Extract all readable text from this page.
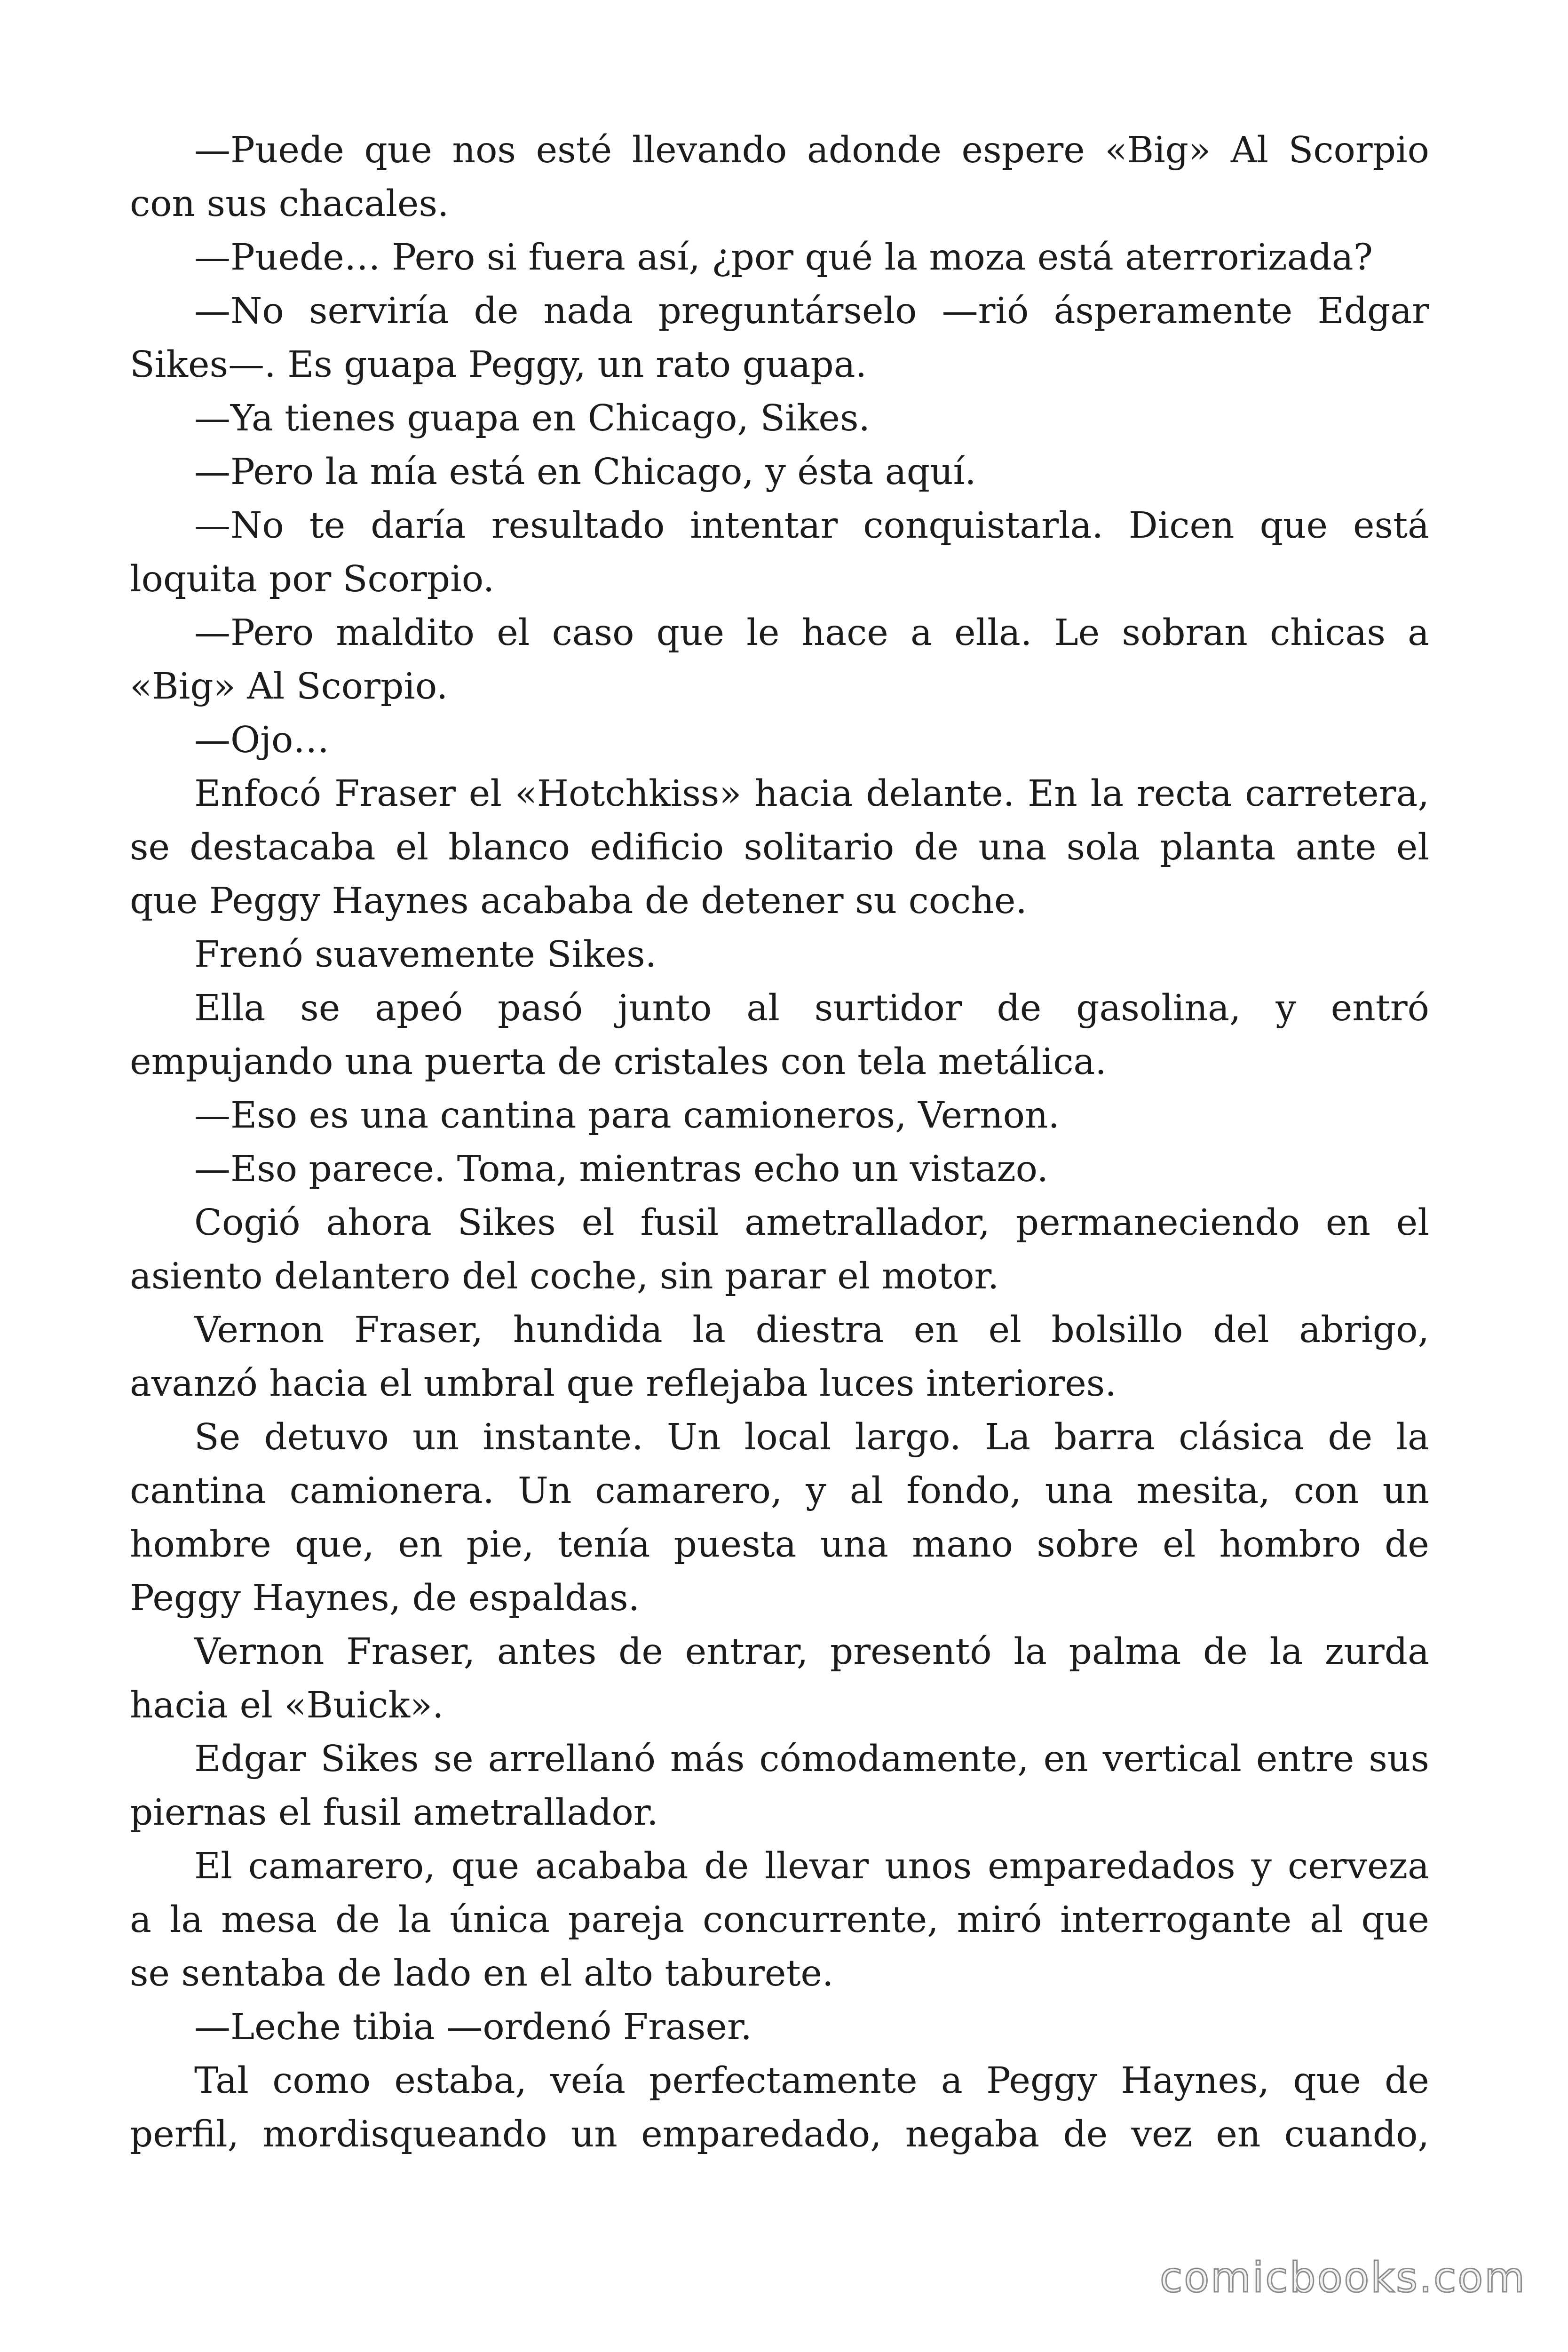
—Puede que nos esté llevando adonde espere «Big» Al Scorpio
con sus chacales.
—Puede… Pero si fuera así, ¿por qué la moza está aterrorizada?
—No serviría de nada preguntárselo —rió ásperamente Edgar
Sikes—. Es guapa Peggy, un rato guapa.
—Ya tienes guapa en Chicago, Sikes.
—Pero la mía está en Chicago, y ésta aquí.
—No te daría resultado intentar conquistarla. Dicen que está
loquita por Scorpio.
—Pero maldito el caso que le hace a ella. Le sobran chicas a
«Big» Al Scorpio.
—Ojo…
Enfocó Fraser el «Hotchkiss» hacia delante. En la recta carretera,
se destacaba el blanco edificio solitario de una sola planta ante el
que Peggy Haynes acababa de detener su coche.
Frenó suavemente Sikes.
Ella se apeó pasó junto al surtidor de gasolina, y entró
empujando una puerta de cristales con tela metálica.
—Eso es una cantina para camioneros, Vernon.
—Eso parece. Toma, mientras echo un vistazo.
Cogió ahora Sikes el fusil ametrallador, permaneciendo en el
asiento delantero del coche, sin parar el motor.
Vernon Fraser, hundida la diestra en el bolsillo del abrigo,
avanzó hacia el umbral que reflejaba luces interiores.
Se detuvo un instante. Un local largo. La barra clásica de la
cantina camionera. Un camarero, y al fondo, una mesita, con un
hombre que, en pie, tenía puesta una mano sobre el hombro de
Peggy Haynes, de espaldas.
Vernon Fraser, antes de entrar, presentó la palma de la zurda
hacia el «Buick».
Edgar Sikes se arrellanó más cómodamente, en vertical entre sus
piernas el fusil ametrallador.
El camarero, que acababa de llevar unos emparedados y cerveza
a la mesa de la única pareja concurrente, miró interrogante al que
se sentaba de lado en el alto taburete.
—Leche tibia —ordenó Fraser.
Tal como estaba, veía perfectamente a Peggy Haynes, que de
perfil, mordisqueando un emparedado, negaba de vez en cuando,
comicbooks.com
